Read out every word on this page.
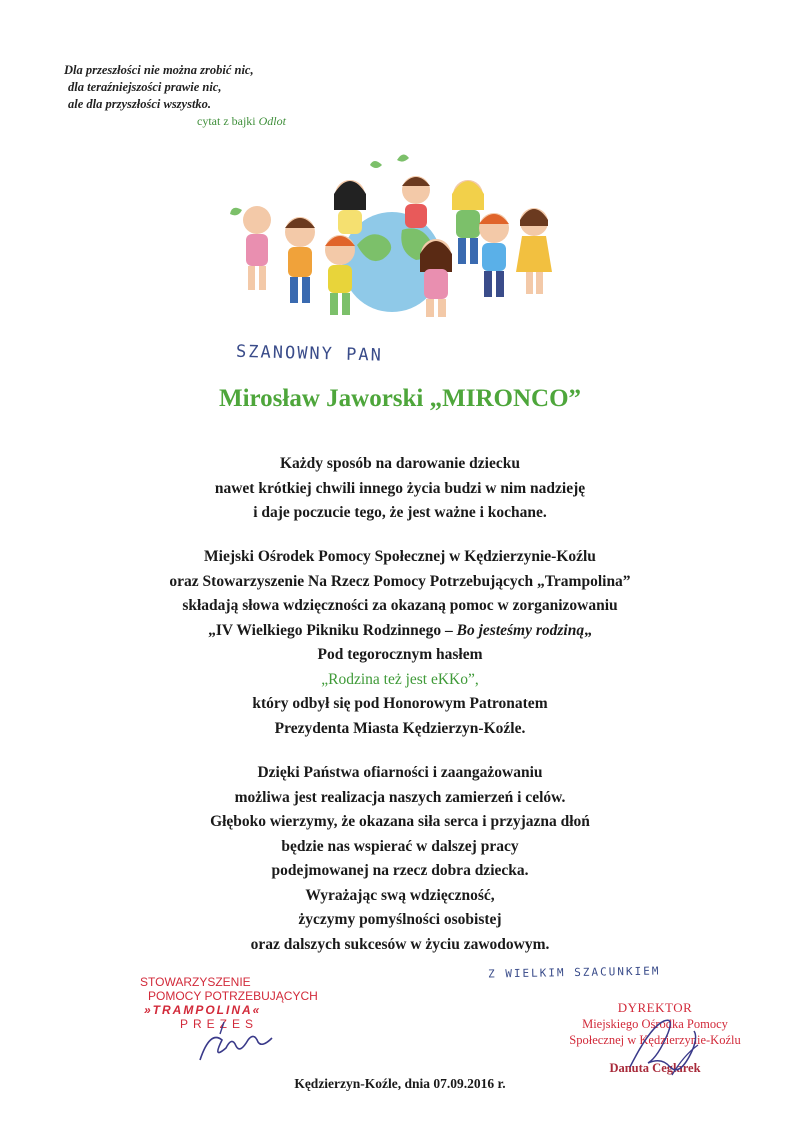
Dla przeszłości nie można zrobić nic,
dla teraźniejszości prawie nic,
ale dla przyszłości wszystko.
cytat z bajki Odlot
SZANOWNY PAN
Mirosław Jaworski „MIRONCO”
Każdy sposób na darowanie dziecku
nawet krótkiej chwili innego życia budzi w nim nadzieję
i daje poczucie tego, że jest ważne i kochane.
Miejski Ośrodek Pomocy Społecznej w Kędzierzynie-Koźlu
oraz Stowarzyszenie Na Rzecz Pomocy Potrzebujących „Trampolina”
składają słowa wdzięczności za okazaną pomoc w zorganizowaniu
„IV Wielkiego Pikniku Rodzinnego – Bo jesteśmy rodziną„
Pod tegorocznym hasłem
„Rodzina też jest eKKo”,
który odbył się pod Honorowym Patronatem
Prezydenta Miasta Kędzierzyn-Koźle.
Dzięki Państwa ofiarności i zaangażowaniu
możliwa jest realizacja naszych zamierzeń i celów.
Głęboko wierzymy, że okazana siła serca i przyjazna dłoń
będzie nas wspierać w dalszej pracy
podejmowanej na rzecz dobra dziecka.
Wyrażając swą wdzięczność,
życzymy pomyślności osobistej
oraz dalszych sukcesów w życiu zawodowym.
Z WIELKIM SZACUNKIEM
STOWARZYSZENIE
POMOCY POTRZEBUJĄCYCH
»TRAMPOLINA«
PREZES
DYREKTOR
Miejskiego Ośrodka Pomocy
Społecznej w Kędzierzynie-Koźlu
Danuta Ceglarek
Kędzierzyn-Koźle, dnia 07.09.2016 r.
